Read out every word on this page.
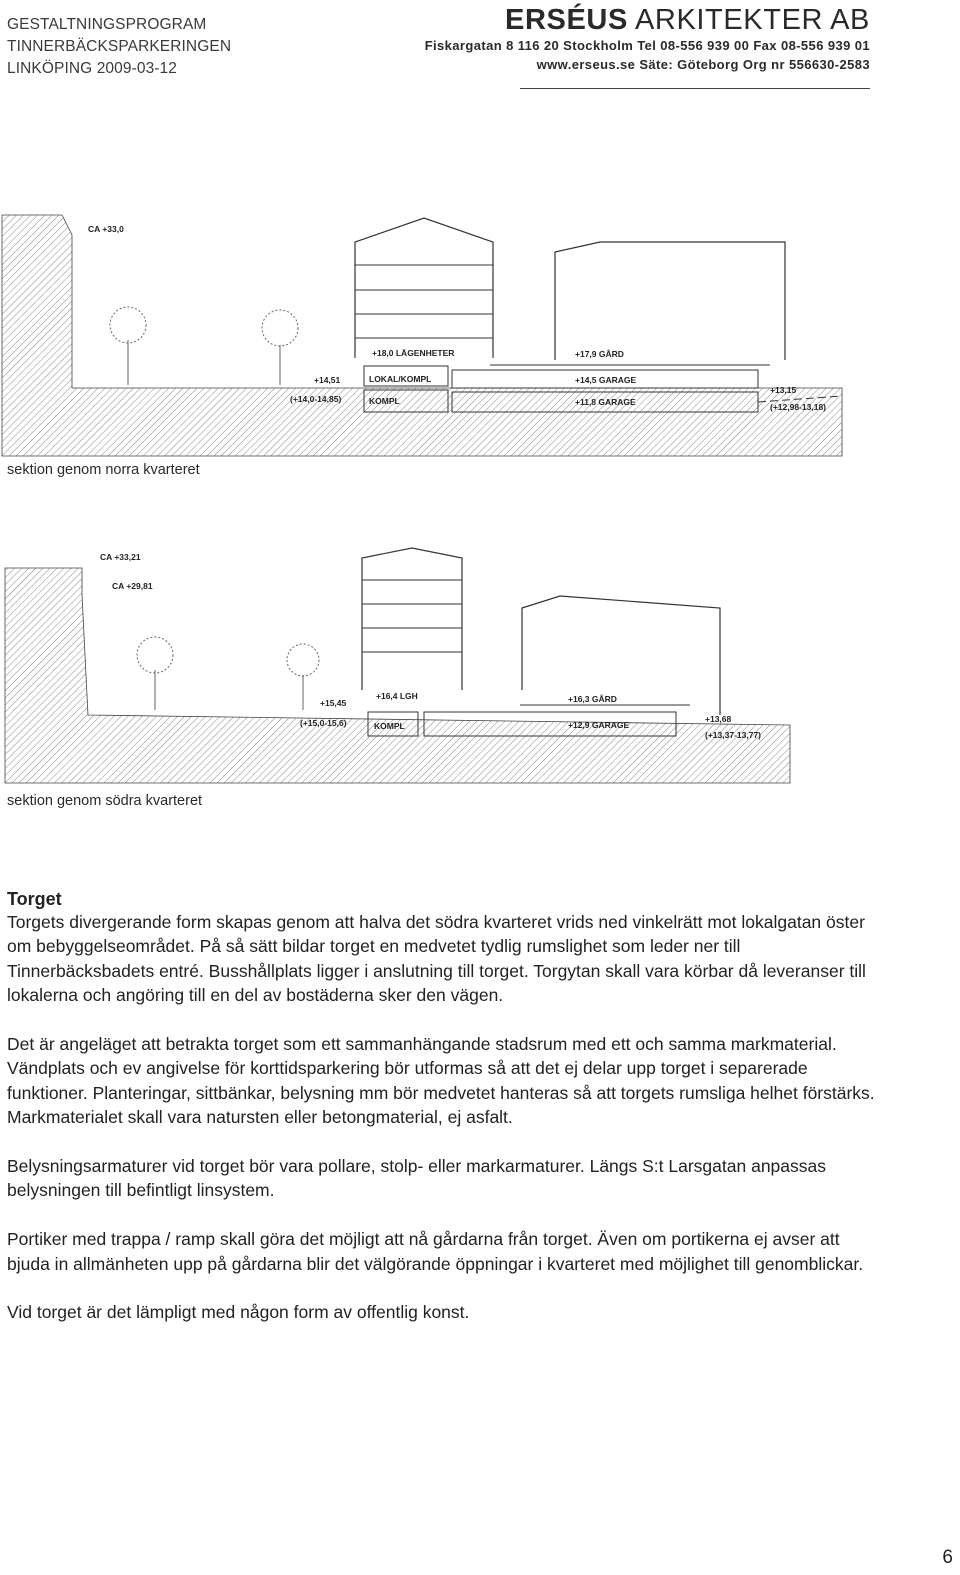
GESTALTNINGSPROGRAM
TINNERBÄCKSPARKERINGEN
LINKÖPING 2009-03-12
ERSÉUS ARKITEKTER AB
Fiskargatan 8 116 20 Stockholm Tel 08-556 939 00 Fax 08-556 939 01
www.erseus.se Säte: Göteborg Org nr 556630-2583
CA +33,0
+18,0 LÄGENHETER	+17,9 GÅRD
+14,51
(+14,0-14,85)
LOKAL/KOMPL
KOMPL
+14,5 GARAGE
+11,8 GARAGE
+13,15
(+12,98-13,18)
sektion genom norra kvarteret
CA +33,21
CA +29,81
+15,45
(+15,0-15,6)
+16,4 LGH
KOMPL
+16,3 GÅRD
+12,9 GARAGE
+13,68
(+13,37-13,77)
sektion genom södra kvarteret
Torget

Torgets divergerande form skapas genom att halva det södra kvarteret vrids ned vinkelrätt mot lokalgatan öster om bebyggelseområdet. På så sätt bildar torget en medvetet tydlig rumslighet som leder ner till Tinnerbäcksbadets entré. Busshållplats ligger i anslutning till torget. Torgytan skall vara körbar då leveranser till lokalerna och angöring till en del av bostäderna sker den vägen.

Det är angeläget att betrakta torget som ett sammanhängande stadsrum med ett och samma markmaterial. Vändplats och ev angivelse för korttidsparkering bör utformas så att det ej delar upp torget i separerade funktioner. Planteringar, sittbänkar, belysning mm bör medvetet hanteras så att torgets rumsliga helhet förstärks. Markmaterialet skall vara natursten eller betongmaterial, ej asfalt.

Belysningsarmaturer vid torget bör vara pollare, stolp- eller markarmaturer. Längs S:t Larsgatan anpassas belysningen till befintligt linsystem.

Portiker med trappa / ramp skall göra det möjligt att nå gårdarna från torget. Även om portikerna ej avser att bjuda in allmänheten upp på gårdarna blir det välgörande öppningar i kvarteret med möjlighet till genomblickar.

Vid torget är det lämpligt med någon form av offentlig konst.

6
